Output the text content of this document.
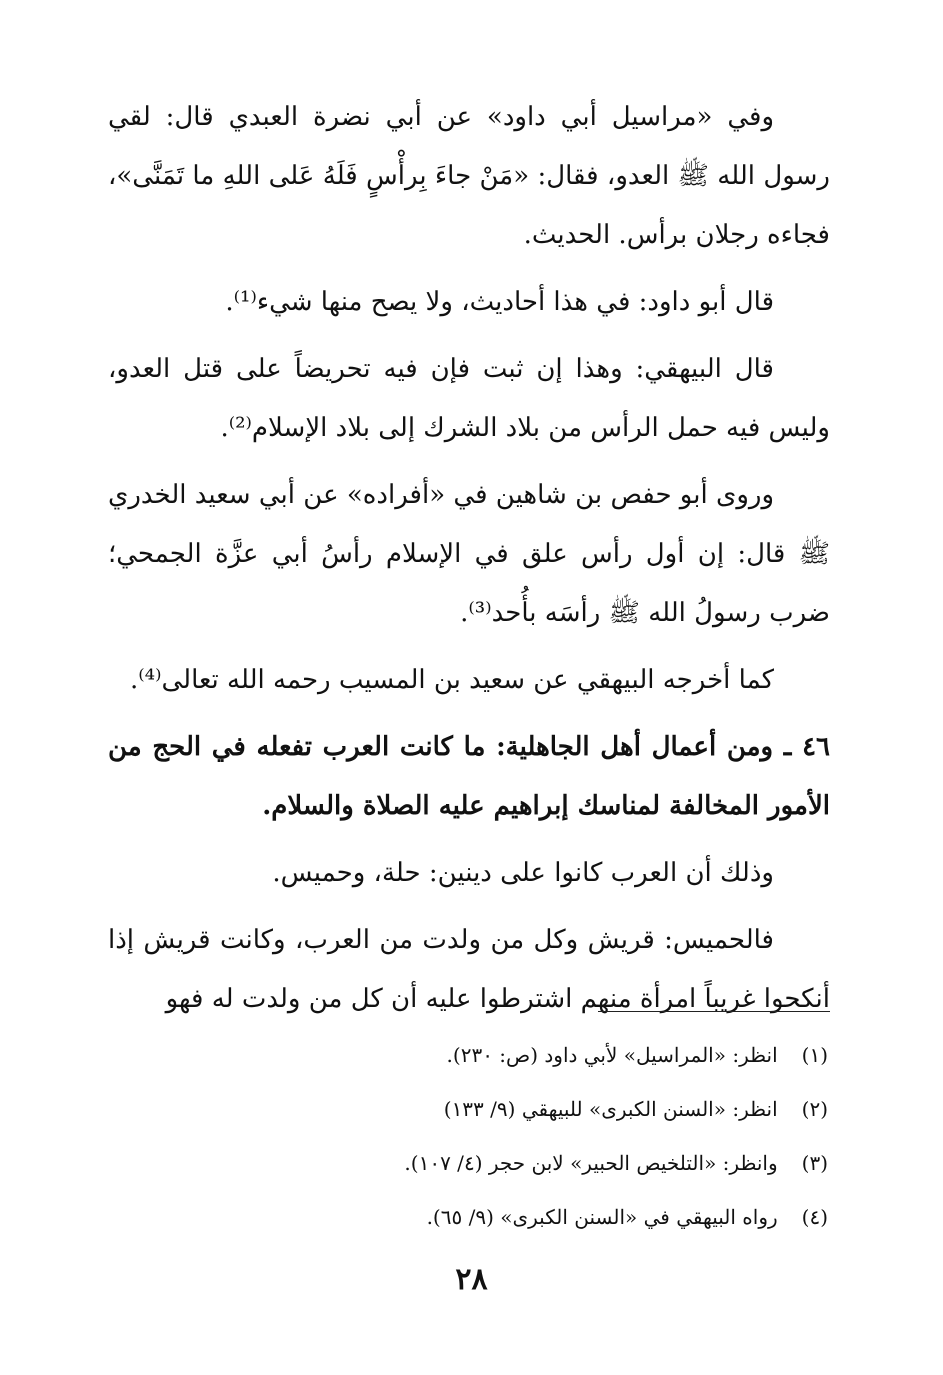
وفي «مراسيل أبي داود» عن أبي نضرة العبدي قال: لقي رسول الله ﷺ العدو، فقال: «مَنْ جاءَ بِرأْسٍ فَلَهُ عَلى اللهِ ما تَمَنَّى»، فجاءه رجلان برأس. الحديث.

قال أبو داود: في هذا أحاديث، ولا يصح منها شيء⁽¹⁾.

قال البيهقي: وهذا إن ثبت فإن فيه تحريضاً على قتل العدو، وليس فيه حمل الرأس من بلاد الشرك إلى بلاد الإسلام⁽²⁾.

وروى أبو حفص بن شاهين في «أفراده» عن أبي سعيد الخدري ﷺ قال: إن أول رأس علق في الإسلام رأسُ أبي عزَّة الجمحي؛ ضرب رسولُ الله ﷺ رأسَه بأُحد⁽³⁾.

كما أخرجه البيهقي عن سعيد بن المسيب رحمه الله تعالى⁽⁴⁾.

٤٦ ـ ومن أعمال أهل الجاهلية: ما كانت العرب تفعله في الحج من الأمور المخالفة لمناسك إبراهيم عليه الصلاة والسلام.

وذلك أن العرب كانوا على دينين: حلة، وحميس.

فالحميس: قريش وكل من ولدت من العرب، وكانت قريش إذا أنكحوا غريباً امرأة منهم اشترطوا عليه أن كل من ولدت له فهو

(١) انظر: «المراسيل» لأبي داود (ص: ٢٣٠).
(٢) انظر: «السنن الكبرى» للبيهقي (٩/ ١٣٣)
(٣) وانظر: «التلخيص الحبير» لابن حجر (٤/ ١٠٧).
(٤) رواه البيهقي في «السنن الكبرى» (٩/ ٦٥).
٢٨
